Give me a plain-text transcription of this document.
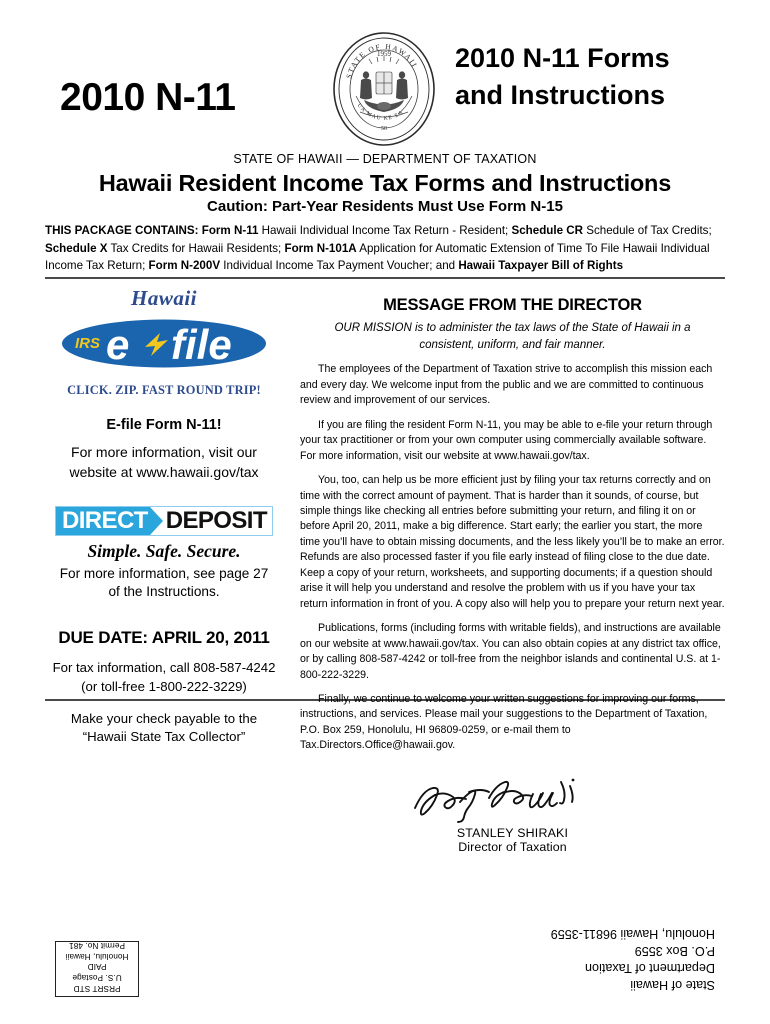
2010 N-11
STATE OF HAWAII
1959
50
UA MAU KE EA
2010 N-11 Forms
and Instructions
STATE OF HAWAII — DEPARTMENT OF TAXATION
Hawaii Resident Income Tax Forms and Instructions
Caution: Part-Year Residents Must Use Form N-15
THIS PACKAGE CONTAINS: Form N-11 Hawaii Individual Income Tax Return - Resident; Schedule CR Schedule of Tax Credits; Schedule X Tax Credits for Hawaii Residents; Form N-101A Application for Automatic Extension of Time To File Hawaii Individual Income Tax Return; Form N-200V Individual Income Tax Payment Voucher; and Hawaii Taxpayer Bill of Rights
Hawaii
IRS e file
CLICK. ZIP. FAST ROUND TRIP!
E-file Form N-11!
For more information, visit our
website at www.hawaii.gov/tax
DIRECT DEPOSIT
Simple. Safe. Secure.
For more information, see page 27
of the Instructions.
DUE DATE: APRIL 20, 2011
For tax information, call 808-587-4242
(or toll-free 1-800-222-3229)
Make your check payable to the
“Hawaii State Tax Collector”
MESSAGE FROM THE DIRECTOR
OUR MISSION is to administer the tax laws of the State of Hawaii in a
consistent, uniform, and fair manner.
The employees of the Department of Taxation strive to accomplish this mission each and every day. We welcome input from the public and we are committed to continuous review and improvement of our services.
If you are filing the resident Form N-11, you may be able to e-file your return through your tax practitioner or from your own computer using commercially available software. For more information, visit our website at www.hawaii.gov/tax.
You, too, can help us be more efficient just by filing your tax returns correctly and on time with the correct amount of payment. That is harder than it sounds, of course, but simple things like checking all entries before submitting your return, and filing it on or before April 20, 2011, make a big difference. Start early; the earlier you start, the more time you’ll have to obtain missing documents, and the less likely you’ll be to make an error. Refunds are also processed faster if you file early instead of filing close to the due date. Keep a copy of your return, worksheets, and supporting documents; if a question should arise it will help you understand and resolve the problem with us if you have your tax return information in front of you. A copy also will help you to prepare your return next year.
Publications, forms (including forms with writable fields), and instructions are available on our website at www.hawaii.gov/tax. You can also obtain copies at any district tax office, or by calling 808-587-4242 or toll-free from the neighbor islands and continental U.S. at 1-800-222-3229.
Finally, we continue to welcome your written suggestions for improving our forms, instructions, and services. Please mail your suggestions to the Department of Taxation, P.O. Box 259, Honolulu, HI 96809-0259, or e-mail them to Tax.Directors.Office@hawaii.gov.
STANLEY SHIRAKI
Director of Taxation
PRSRT STD
U.S. Postage
PAID
Honolulu, Hawaii
Permit No. 481
State of Hawaii
Department of Taxation
P.O. Box 3559
Honolulu, Hawaii 96811-3559
